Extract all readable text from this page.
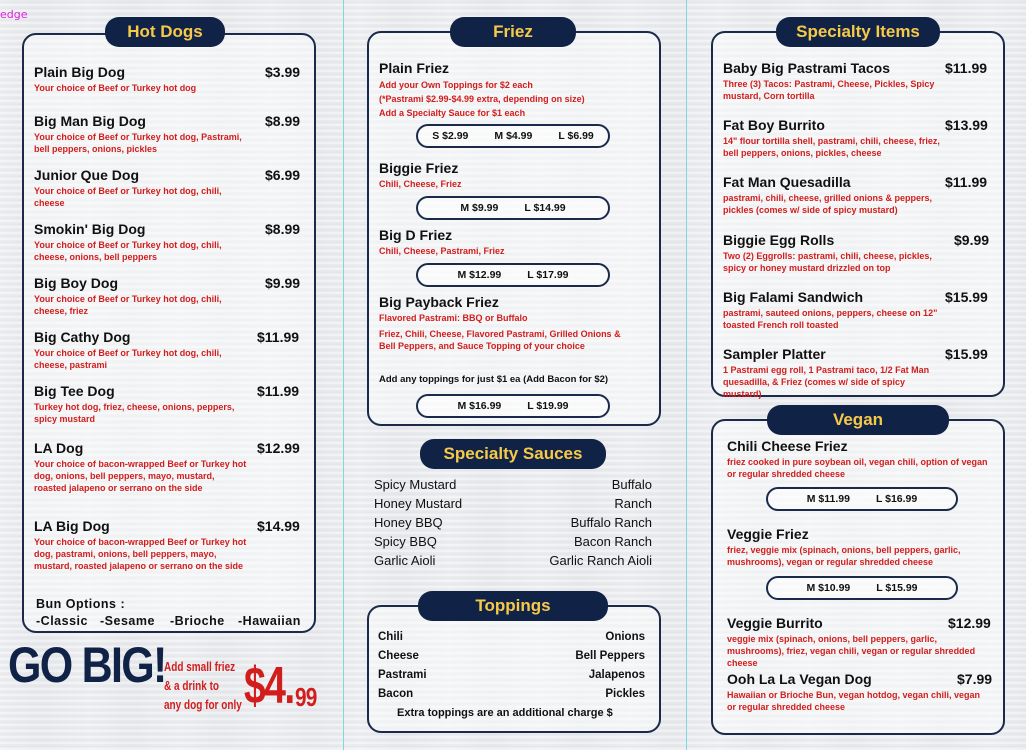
edge
Hot Dogs
Plain Big Dog
Your choice of Beef or Turkey hot dog
$3.99
Big Man Big Dog
Your choice of Beef or Turkey hot dog, Pastrami, bell peppers, onions, pickles
$8.99
Junior Que Dog
Your choice of Beef or Turkey hot dog, chili, cheese
$6.99
Smokin' Big Dog
Your choice of Beef or Turkey hot dog, chili, cheese, onions, bell peppers
$8.99
Big Boy Dog
Your choice of Beef or Turkey hot dog, chili, cheese, friez
$9.99
Big Cathy Dog
Your choice of Beef or Turkey hot dog, chili, cheese, pastrami
$11.99
Big Tee Dog
Turkey hot dog, friez, cheese, onions, peppers, spicy mustard
$11.99
LA Dog
Your choice of bacon-wrapped Beef or Turkey hot dog, onions, bell peppers, mayo, mustard, roasted jalapeno or serrano on the side
$12.99
LA Big Dog
Your choice of bacon-wrapped Beef or Turkey hot dog, pastrami, onions, bell peppers, mayo, mustard, roasted jalapeno or serrano on the side
$14.99
Bun Options :
-Classic -Sesame -Brioche -Hawaiian
GO BIG!
Add small friez
& a drink to
any dog for only $4. 99
Friez
Plain Friez
Add your Own Toppings for $2 each
(*Pastrami $2.99-$4.99 extra, depending on size)
Add a Specialty Sauce for $1 each
S $2.99 M $4.99 L $6.99
Biggie Friez
Chili, Cheese, Friez
M $9.99 L $14.99
Big D Friez
Chili, Cheese, Pastrami, Friez
M $12.99 L $17.99
Big Payback Friez
Flavored Pastrami: BBQ or Buffalo
Friez, Chili, Cheese, Flavored Pastrami, Grilled Onions & Bell Peppers, and Sauce Topping of your choice
Add any toppings for just $1 ea (Add Bacon for $2)
M $16.99 L $19.99
Specialty Sauces
Spicy Mustard
Honey Mustard
Honey BBQ
Spicy BBQ
Garlic Aioli
Buffalo
Ranch
Buffalo Ranch
Bacon Ranch
Garlic Ranch Aioli
Toppings
Chili
Cheese
Pastrami
Bacon
Onions
Bell Peppers
Jalapenos
Pickles
Extra toppings are an additional charge $
Specialty Items
Baby Big Pastrami Tacos
Three (3) Tacos: Pastrami, Cheese, Pickles, Spicy mustard, Corn tortilla
$11.99
Fat Boy Burrito
14" flour tortilla shell, pastrami, chili, cheese, friez, bell peppers, onions, pickles, cheese
$13.99
Fat Man Quesadilla
pastrami, chili, cheese, grilled onions & peppers, pickles (comes w/ side of spicy mustard)
$11.99
Biggie Egg Rolls
Two (2) Eggrolls: pastrami, chili, cheese, pickles, spicy or honey mustard drizzled on top
$9.99
Big Falami Sandwich
pastrami, sauteed onions, peppers, cheese on 12" toasted French roll toasted
$15.99
Sampler Platter
1 Pastrami egg roll, 1 Pastrami taco, 1/2 Fat Man quesadilla, & Friez (comes w/ side of spicy mustard)
$15.99
Vegan
Chili Cheese Friez
friez cooked in pure soybean oil, vegan chili, option of vegan or regular shredded cheese
M $11.99 L $16.99
Veggie Friez
friez, veggie mix (spinach, onions, bell peppers, garlic, mushrooms), vegan or regular shredded cheese
M $10.99 L $15.99
Veggie Burrito
veggie mix (spinach, onions, bell peppers, garlic, mushrooms), friez, vegan chili, vegan or regular shredded cheese
$12.99
Ooh La La Vegan Dog
Hawaiian or Brioche Bun, vegan hotdog, vegan chili, vegan or regular shredded cheese
$7.99
